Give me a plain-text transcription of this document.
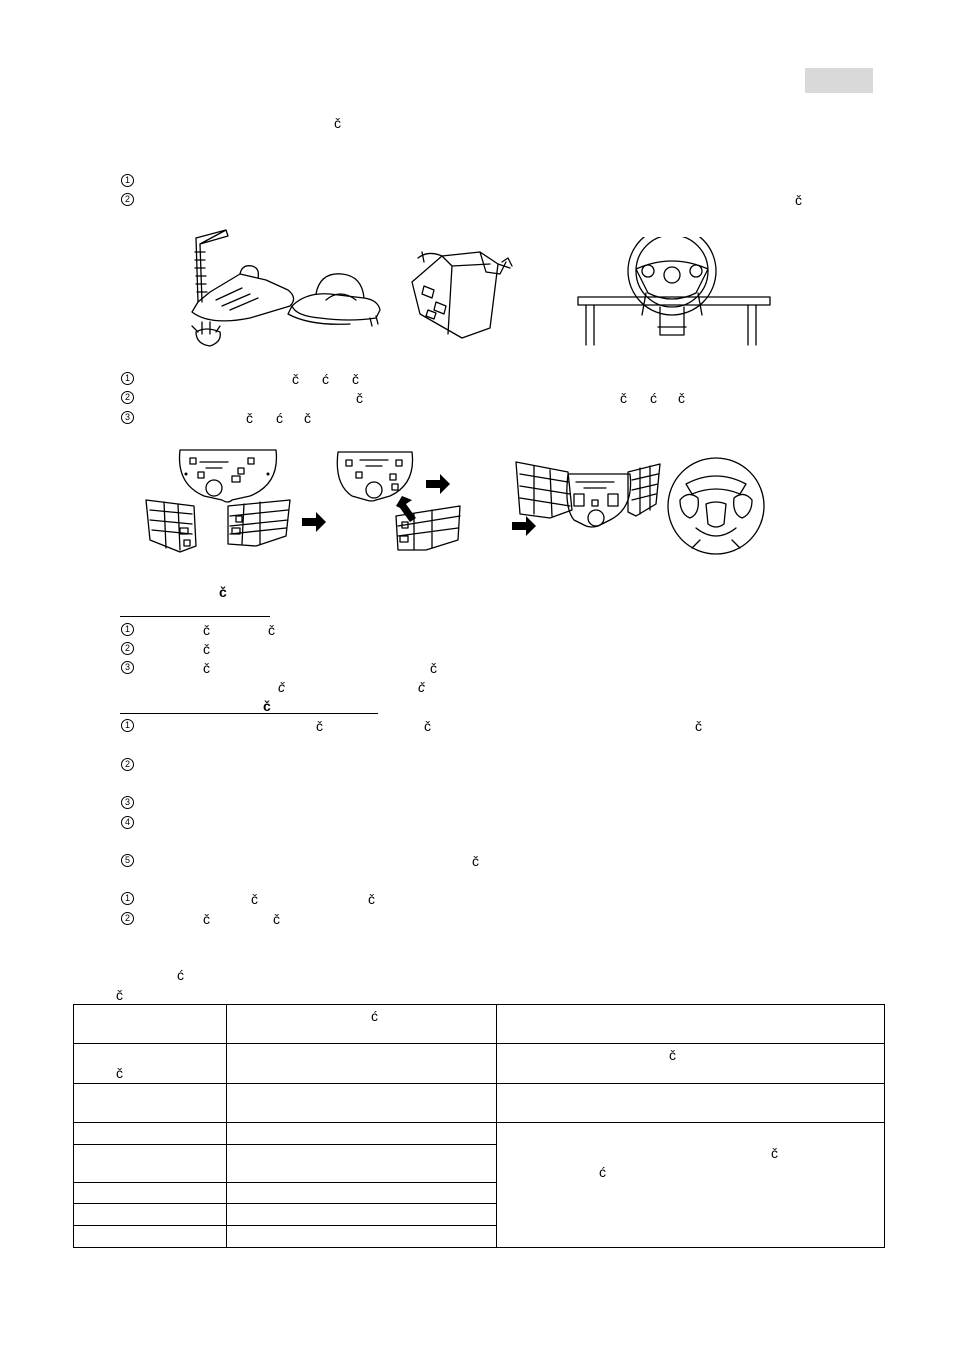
č
1
2	č
1	č ć č
2	č	č ć č
3	č ć č
č
1	č	č
2	č
3	č	č
č	č
č
1	č	č	č
2
3
4
5	č
1	č	č
2	č	č
ć
č

	ć	

č		č

		č
ć
